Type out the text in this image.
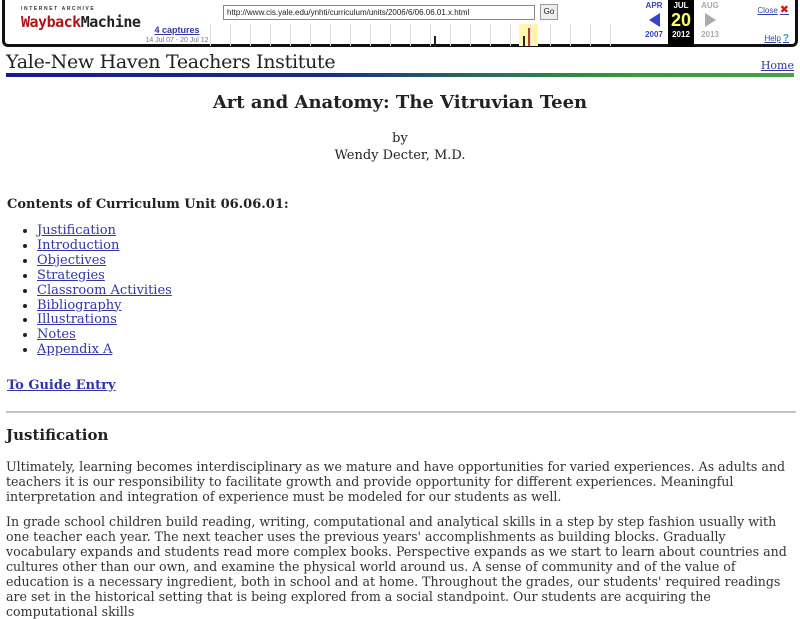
INTERNET ARCHIVE
WaybackMachine	4 captures
14 Jul 07 - 20 Jul 12
http://www.cis.yale.edu/ynhti/curriculum/units/2006/6/06.06.01.x.html	Go
APR
2007
JUL
20
2012
AUG
2013
Close ✖
Help ?
Yale-New Haven Teachers Institute	Home
Art and Anatomy: The Vitruvian Teen
by
Wendy Decter, M.D.
Contents of Curriculum Unit 06.06.01:
• Justification
• Introduction
• Objectives
• Strategies
• Classroom Activities
• Bibliography
• Illustrations
• Notes
• Appendix A
To Guide Entry
Justification

Ultimately, learning becomes interdisciplinary as we mature and have opportunities for varied experiences. As adults and teachers it is our responsibility to facilitate growth and provide opportunity for different experiences. Meaningful interpretation and integration of experience must be modeled for our students as well.

In grade school children build reading, writing, computational and analytical skills in a step by step fashion usually with one teacher each year. The next teacher uses the previous years' accomplishments as building blocks. Gradually vocabulary expands and students read more complex books. Perspective expands as we start to learn about countries and cultures other than our own, and examine the physical world around us. A sense of community and of the value of education is a necessary ingredient, both in school and at home. Throughout the grades, our students' required readings are set in the historical setting that is being explored from a social standpoint. Our students are acquiring the computational skills
